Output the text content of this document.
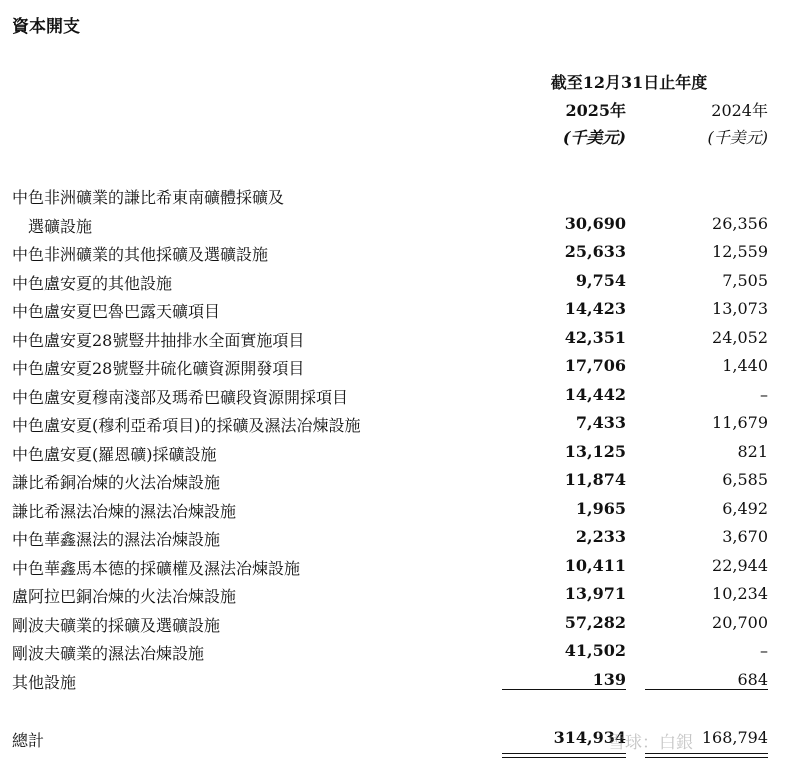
資本開支
截至12月31日止年度
2025年	2024年
(千美元)	(千美元)
中色非洲礦業的謙比希東南礦體採礦及
選礦設施	30,690	26,356
中色非洲礦業的其他採礦及選礦設施	25,633	12,559
中色盧安夏的其他設施	9,754	7,505
中色盧安夏巴魯巴露天礦項目	14,423	13,073
中色盧安夏28號豎井抽排水全面實施項目	42,351	24,052
中色盧安夏28號豎井硫化礦資源開發項目	17,706	1,440
中色盧安夏穆南淺部及瑪希巴礦段資源開採項目	14,442	–
中色盧安夏(穆利亞希項目)的採礦及濕法冶煉設施	7,433	11,679
中色盧安夏(羅恩礦)採礦設施	13,125	821
謙比希銅冶煉的火法冶煉設施	11,874	6,585
謙比希濕法冶煉的濕法冶煉設施	1,965	6,492
中色華鑫濕法的濕法冶煉設施	2,233	3,670
中色華鑫馬本德的採礦權及濕法冶煉設施	10,411	22,944
盧阿拉巴銅冶煉的火法冶煉設施	13,971	10,234
剛波夫礦業的採礦及選礦設施	57,282	20,700
剛波夫礦業的濕法冶煉設施	41,502	–
其他設施	139	684
總計	314,934	168,794
雪球：白銀
